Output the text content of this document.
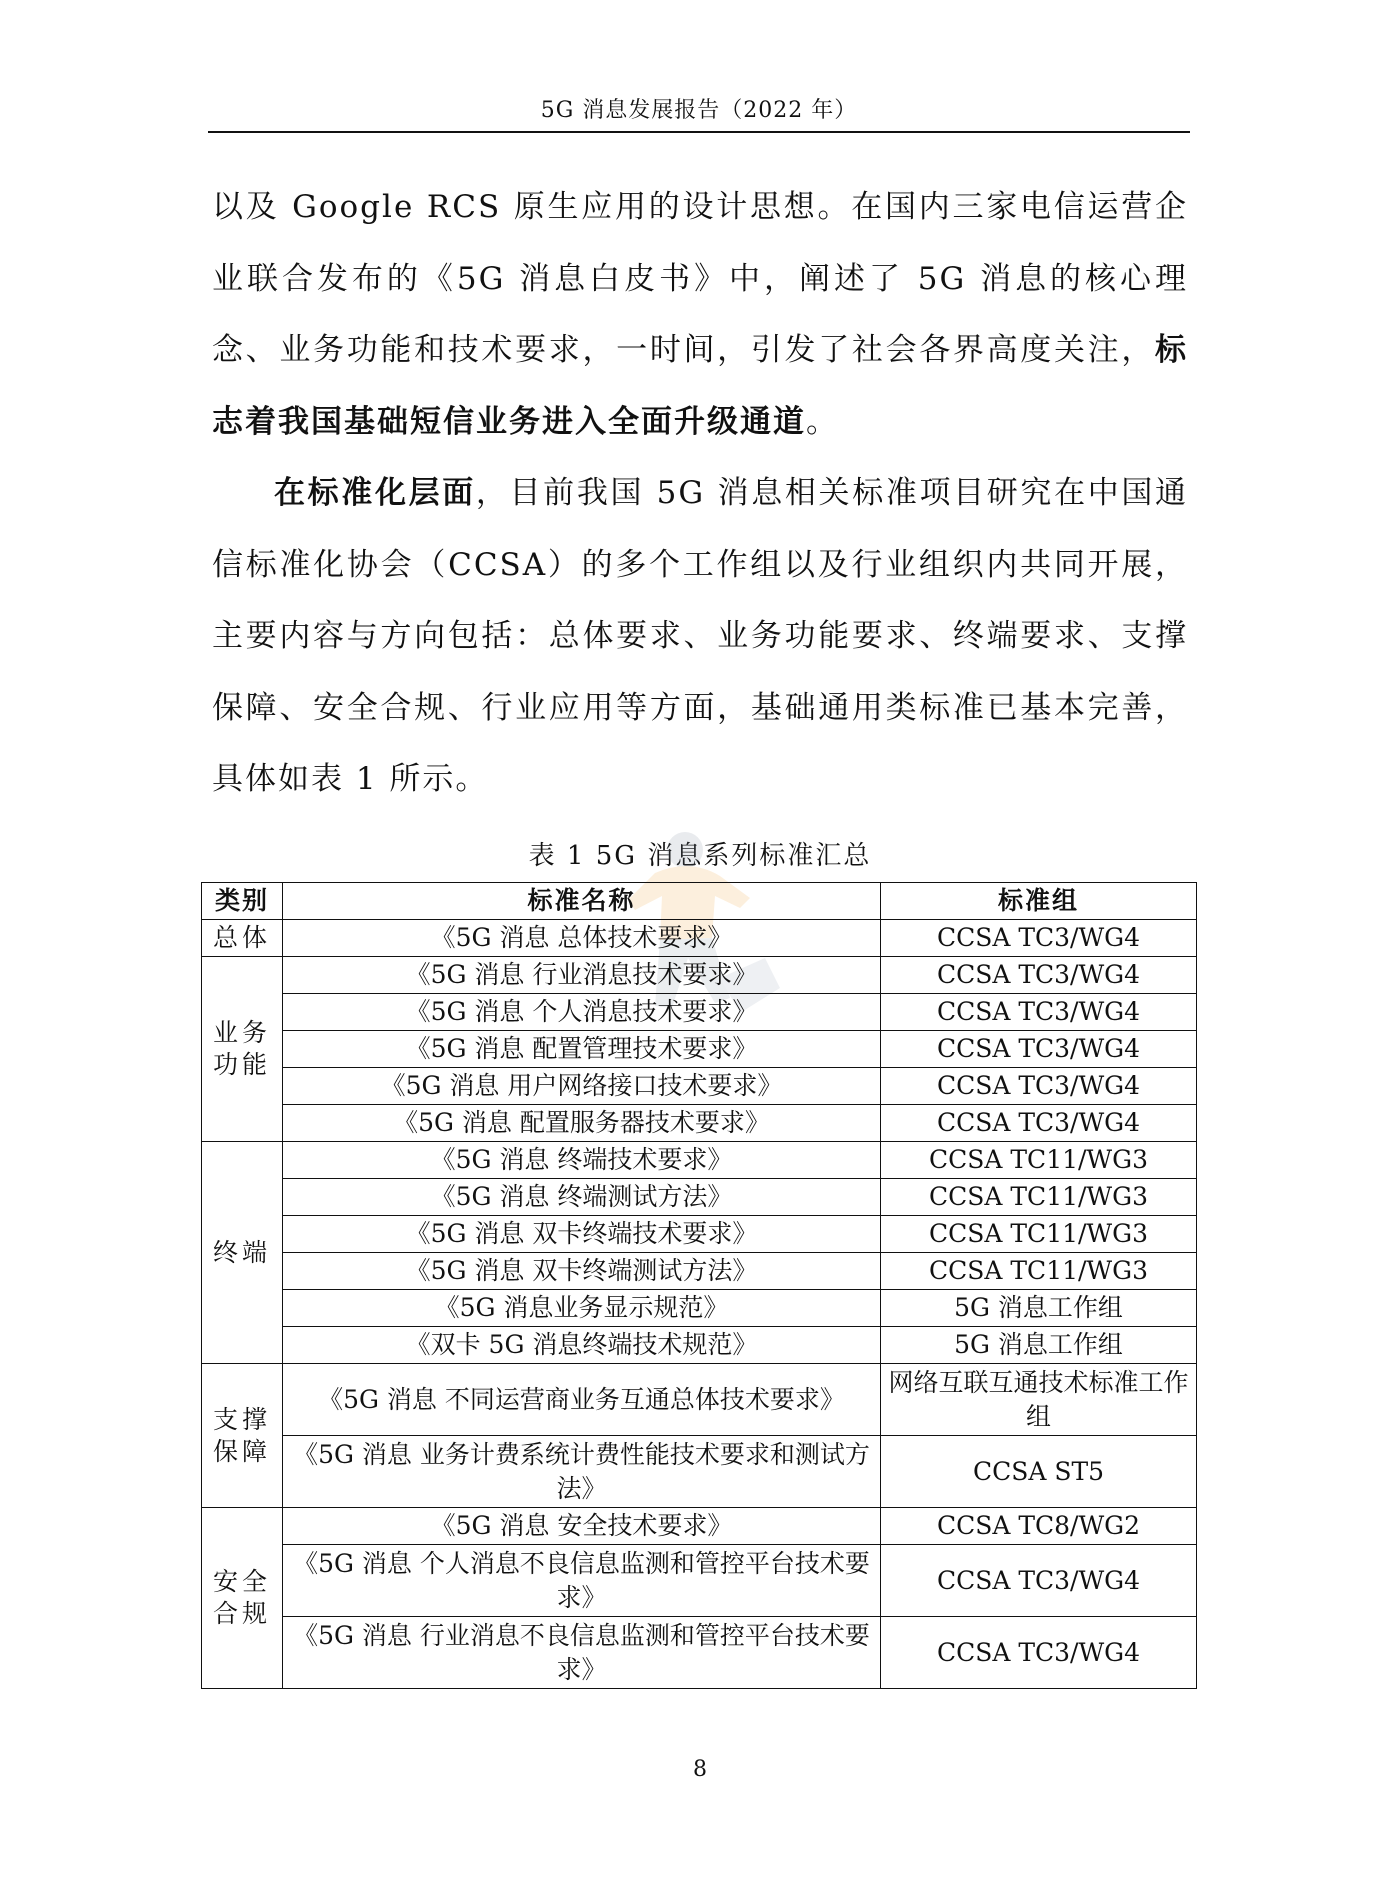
5G 消息发展报告（2022 年）

以及 Google RCS 原生应用的设计思想。在国内三家电信运营企业联合发布的《5G 消息白皮书》中，阐述了 5G 消息的核心理念、业务功能和技术要求，一时间，引发了社会各界高度关注，标志着我国基础短信业务进入全面升级通道。

在标准化层面，目前我国 5G 消息相关标准项目研究在中国通信标准化协会（CCSA）的多个工作组以及行业组织内共同开展，主要内容与方向包括：总体要求、业务功能要求、终端要求、支撑保障、安全合规、行业应用等方面，基础通用类标准已基本完善，具体如表 1 所示。

表 1 5G 消息系列标准汇总
类别	标准名称	标准组
总体	《5G 消息 总体技术要求》	CCSA TC3/WG4
业务功能	《5G 消息 行业消息技术要求》	CCSA TC3/WG4
	《5G 消息 个人消息技术要求》	CCSA TC3/WG4
	《5G 消息 配置管理技术要求》	CCSA TC3/WG4
	《5G 消息 用户网络接口技术要求》	CCSA TC3/WG4
	《5G 消息 配置服务器技术要求》	CCSA TC3/WG4
终端	《5G 消息 终端技术要求》	CCSA TC11/WG3
	《5G 消息 终端测试方法》	CCSA TC11/WG3
	《5G 消息 双卡终端技术要求》	CCSA TC11/WG3
	《5G 消息 双卡终端测试方法》	CCSA TC11/WG3
	《5G 消息业务显示规范》	5G 消息工作组
	《双卡 5G 消息终端技术规范》	5G 消息工作组
支撑保障	《5G 消息 不同运营商业务互通总体技术要求》	网络互联互通技术标准工作组
	《5G 消息 业务计费系统计费性能技术要求和测试方法》	CCSA ST5
安全合规	《5G 消息 安全技术要求》	CCSA TC8/WG2
	《5G 消息 个人消息不良信息监测和管控平台技术要求》	CCSA TC3/WG4
	《5G 消息 行业消息不良信息监测和管控平台技术要求》	CCSA TC3/WG4
8
